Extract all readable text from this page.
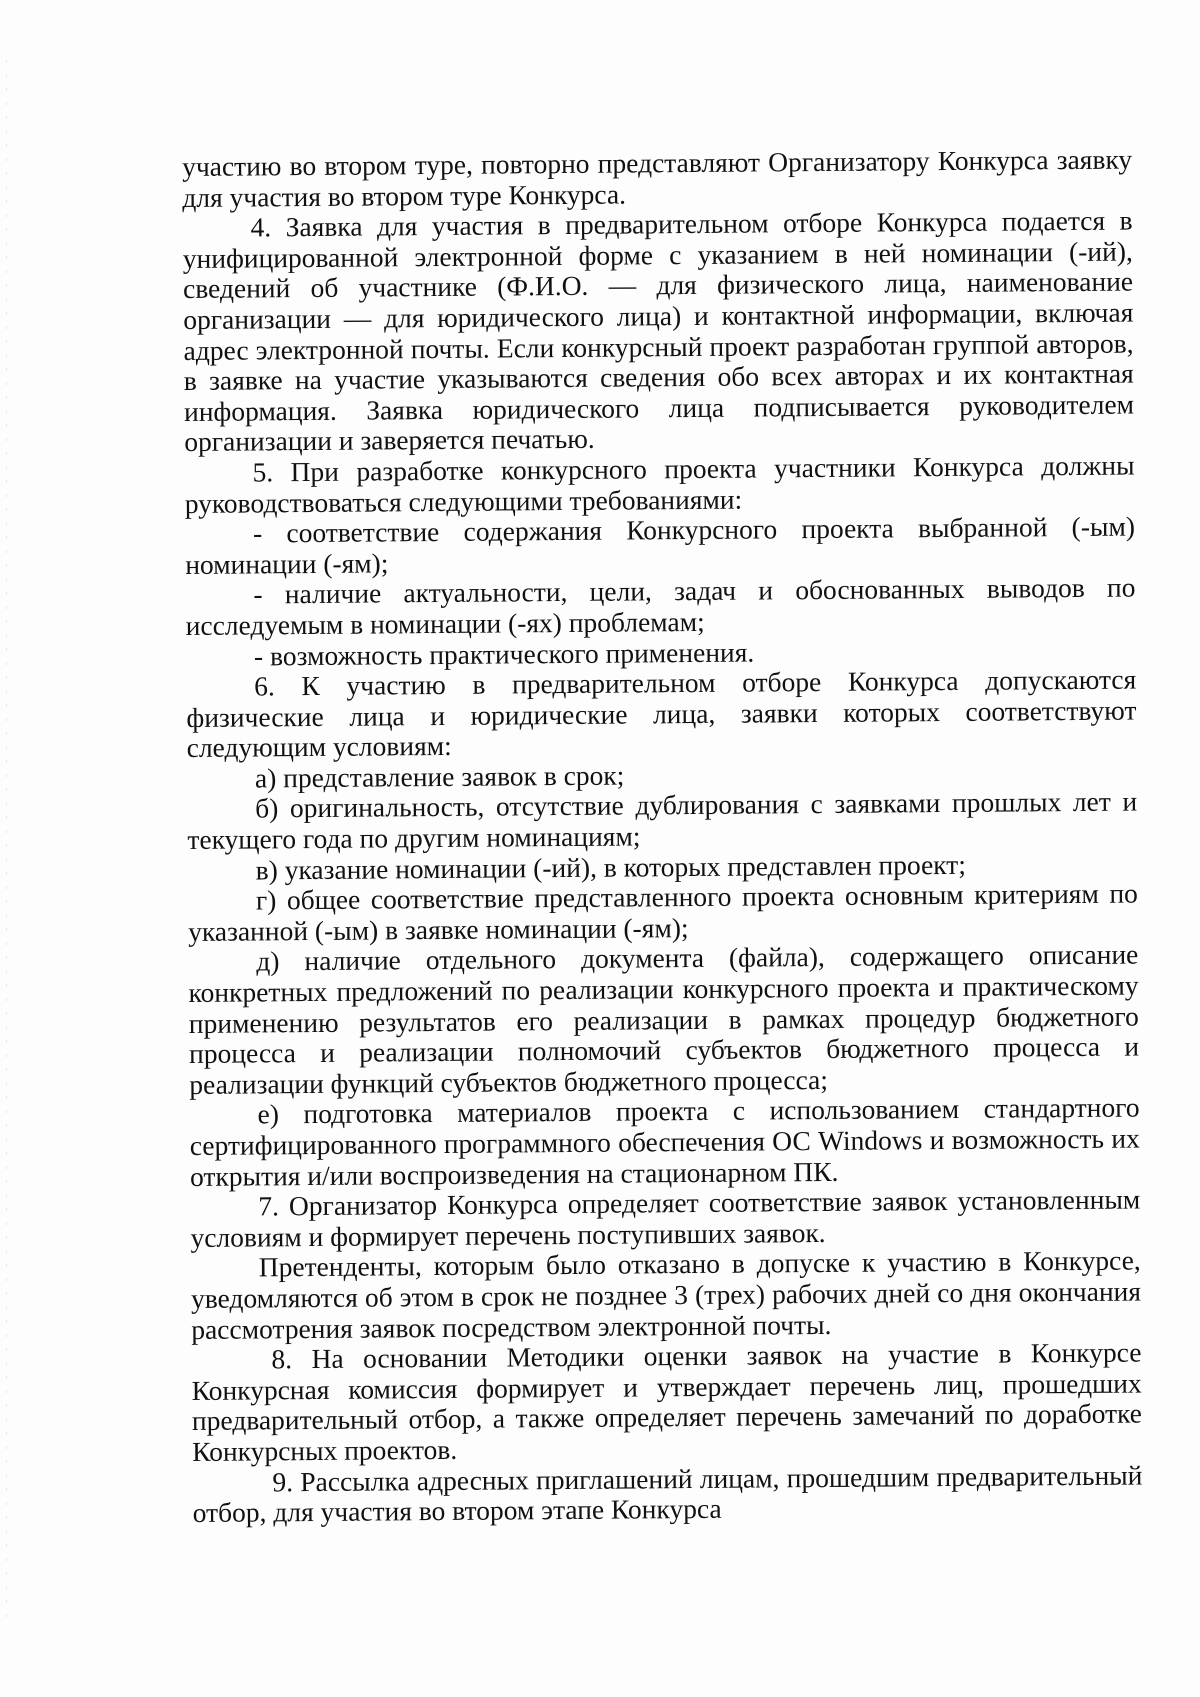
участию во втором туре, повторно представляют Организатору Конкурса заявку для участия во втором туре Конкурса.

4. Заявка для участия в предварительном отборе Конкурса подается в унифицированной электронной форме с указанием в ней номинации (-ий), сведений об участнике (Ф.И.О. — для физического лица, наименование организации — для юридического лица) и контактной информации, включая адрес электронной почты. Если конкурсный проект разработан группой авторов, в заявке на участие указываются сведения обо всех авторах и их контактная информация. Заявка юридического лица подписывается руководителем организации и заверяется печатью.

5. При разработке конкурсного проекта участники Конкурса должны руководствоваться следующими требованиями:

- соответствие содержания Конкурсного проекта выбранной (-ым) номинации (-ям);

- наличие актуальности, цели, задач и обоснованных выводов по исследуемым в номинации (-ях) проблемам;

- возможность практического применения.

6. К участию в предварительном отборе Конкурса допускаются физические лица и юридические лица, заявки которых соответствуют следующим условиям:

а) представление заявок в срок;

б) оригинальность, отсутствие дублирования с заявками прошлых лет и текущего года по другим номинациям;

в) указание номинации (-ий), в которых представлен проект;

г) общее соответствие представленного проекта основным критериям по указанной (-ым) в заявке номинации (-ям);

д) наличие отдельного документа (файла), содержащего описание конкретных предложений по реализации конкурсного проекта и практическому применению результатов его реализации в рамках процедур бюджетного процесса и реализации полномочий субъектов бюджетного процесса и реализации функций субъектов бюджетного процесса;

е) подготовка материалов проекта с использованием стандартного сертифицированного программного обеспечения ОС Windows и возможность их открытия и/или воспроизведения на стационарном ПК.

7. Организатор Конкурса определяет соответствие заявок установленным условиям и формирует перечень поступивших заявок.

Претенденты, которым было отказано в допуске к участию в Конкурсе, уведомляются об этом в срок не позднее 3 (трех) рабочих дней со дня окончания рассмотрения заявок посредством электронной почты.

8. На основании Методики оценки заявок на участие в Конкурсе Конкурсная комиссия формирует и утверждает перечень лиц, прошедших предварительный отбор, а также определяет перечень замечаний по доработке Конкурсных проектов.

9. Рассылка адресных приглашений лицам, прошедшим предварительный отбор, для участия во втором этапе Конкурса
